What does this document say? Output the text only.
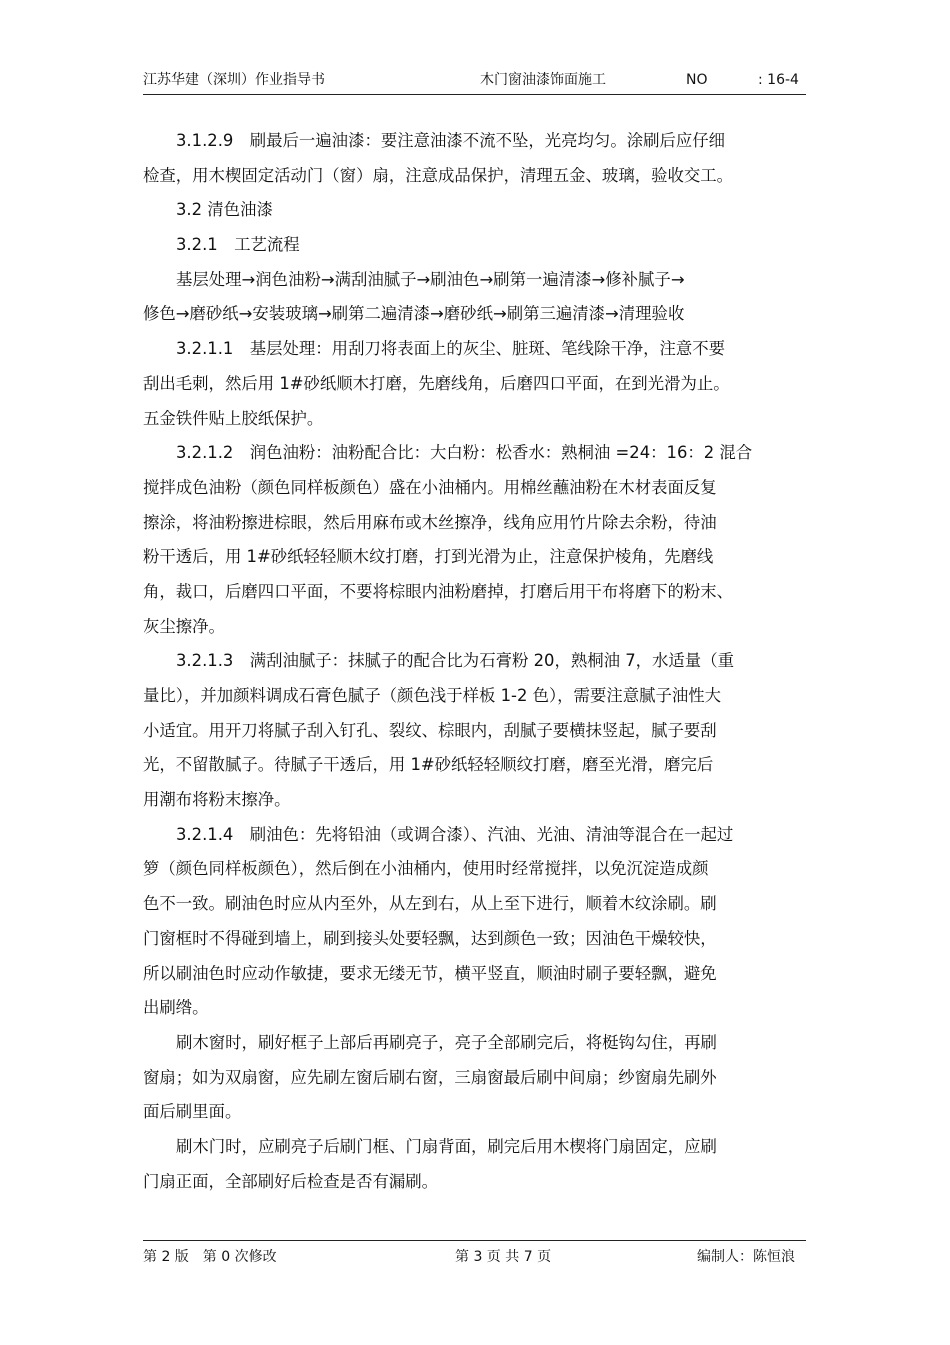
江苏华建（深圳）作业指导书	木门窗油漆饰面施工	NO	: 16-4
3.1.2.9　刷最后一遍油漆：要注意油漆不流不坠，光亮均匀。涂刷后应仔细
检查，用木楔固定活动门（窗）扇，注意成品保护，清理五金、玻璃，验收交工。
3.2 清色油漆
3.2.1　工艺流程
基层处理→润色油粉→满刮油腻子→刷油色→刷第一遍清漆→修补腻子→
修色→磨砂纸→安装玻璃→刷第二遍清漆→磨砂纸→刷第三遍清漆→清理验收
3.2.1.1　基层处理：用刮刀将表面上的灰尘、脏斑、笔线除干净，注意不要
刮出毛刺，然后用 1#砂纸顺木打磨，先磨线角，后磨四口平面，在到光滑为止。
五金铁件贴上胶纸保护。
3.2.1.2　润色油粉：油粉配合比：大白粉：松香水：熟桐油 =24：16：2 混合
搅拌成色油粉（颜色同样板颜色）盛在小油桶内。用棉丝蘸油粉在木材表面反复
擦涂，将油粉擦进棕眼，然后用麻布或木丝擦净，线角应用竹片除去余粉，待油
粉干透后，用 1#砂纸轻轻顺木纹打磨，打到光滑为止，注意保护棱角，先磨线
角，裁口，后磨四口平面，不要将棕眼内油粉磨掉，打磨后用干布将磨下的粉末、
灰尘擦净。
3.2.1.3　满刮油腻子：抹腻子的配合比为石膏粉 20，熟桐油 7，水适量（重
量比），并加颜料调成石膏色腻子（颜色浅于样板 1-2 色），需要注意腻子油性大
小适宜。用开刀将腻子刮入钉孔、裂纹、棕眼内，刮腻子要横抹竖起，腻子要刮
光，不留散腻子。待腻子干透后，用 1#砂纸轻轻顺纹打磨，磨至光滑，磨完后
用潮布将粉末擦净。
3.2.1.4　刷油色：先将铅油（或调合漆）、汽油、光油、清油等混合在一起过
箩（颜色同样板颜色），然后倒在小油桶内，使用时经常搅拌，以免沉淀造成颜
色不一致。刷油色时应从内至外，从左到右，从上至下进行，顺着木纹涂刷。刷
门窗框时不得碰到墙上，刷到接头处要轻飘，达到颜色一致；因油色干燥较快，
所以刷油色时应动作敏捷，要求无缕无节，横平竖直，顺油时刷子要轻飘，避免
出刷绺。
刷木窗时，刷好框子上部后再刷亮子，亮子全部刷完后，将梃钩勾住，再刷
窗扇；如为双扇窗，应先刷左窗后刷右窗，三扇窗最后刷中间扇；纱窗扇先刷外
面后刷里面。
刷木门时，应刷亮子后刷门框、门扇背面，刷完后用木楔将门扇固定，应刷
门扇正面，全部刷好后检查是否有漏刷。
第 2 版　第 0 次修改	第 3 页 共 7 页	编制人：陈恒浪
